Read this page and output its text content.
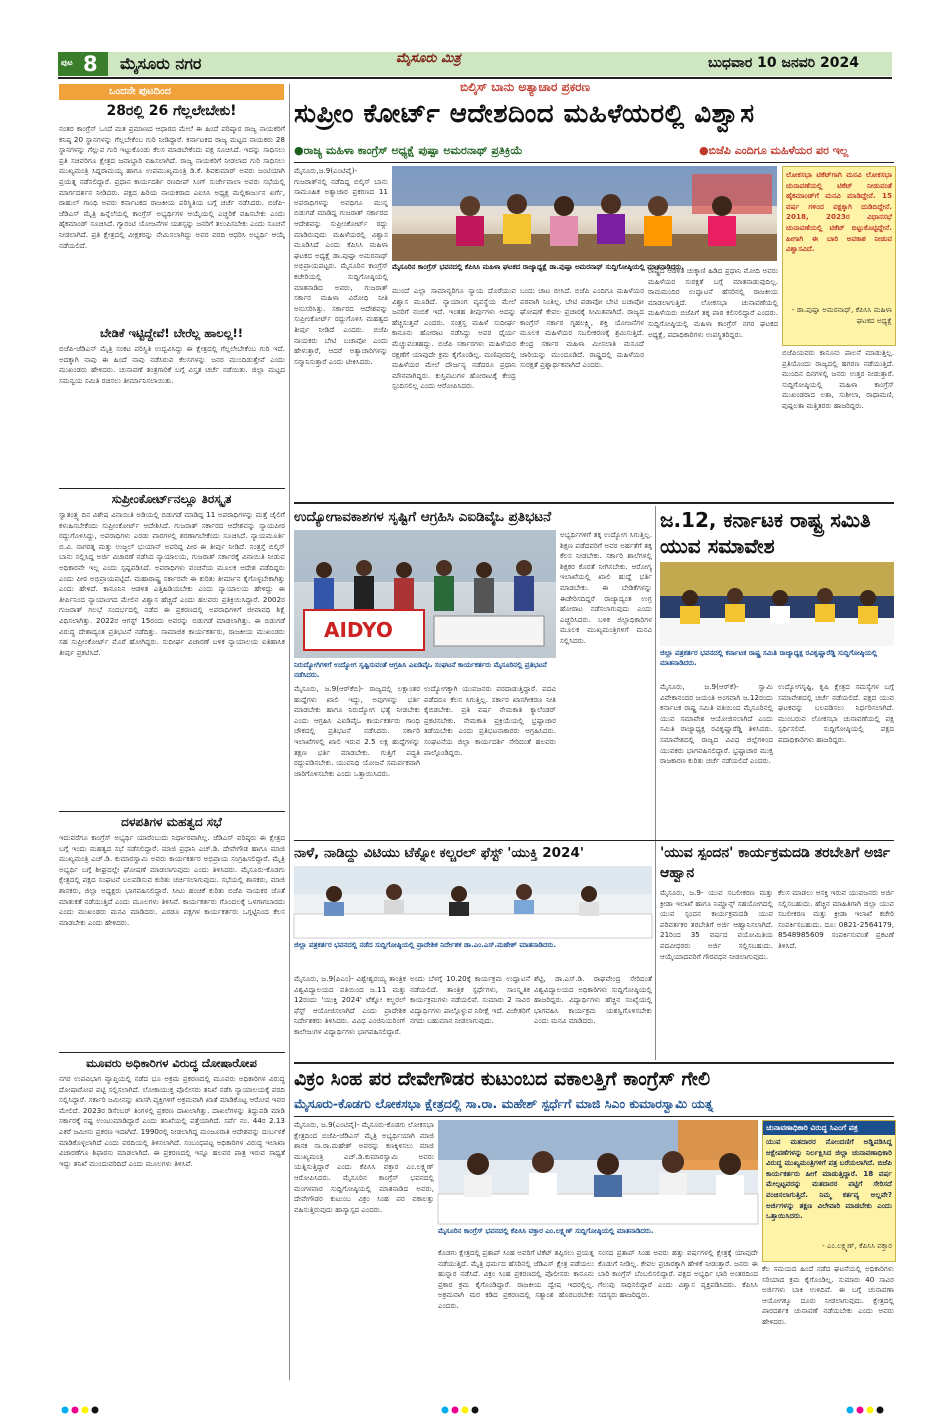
ಪುಟ 8 ಮೈಸೂರು ನಗರ	ಮೈಸೂರು ಮಿತ್ರ	ಬುಧವಾರ 10 ಜನವರಿ 2024
ಒಂದನೇ ಪುಟದಿಂದ
28ರಲ್ಲಿ 26 ಗೆಲ್ಲಲೇಬೇಕು!
ನಂತರ ಕಾಂಗ್ರೆಸ್ ಒಂದೆ ಮತ ಪ್ರಮಾಣದ ಆಧಾರದ ಮೇಲೆ ಈ ಹಿಂದೆ ಪರಿಷ್ಕಾರ ರಾಜ್ಯ ನಾಯಕರಿಗೆ ಕನಿಷ್ಠ 20 ಸ್ಥಾನಗಳನ್ನು ಗೆಲ್ಲಬೇಕೆಂಬ ಗುರಿ ನೀಡಿದ್ದಾರೆ. ಕರ್ನಾಟಕದ ರಾಜ್ಯ ಮಟ್ಟದ ನಾಯಕರು 28 ಸ್ಥಾನಗಳನ್ನು ಗೆಲ್ಲುವ ಗುರಿ ಇಟ್ಟುಕೊಂಡು ಕೆಲಸ ಮಾಡಬೇಕೆಂದು ಪಕ್ಷ ಸೂಚಿಸಿದೆ. ಇದನ್ನು ಸಾಧಿಸಲು ಪ್ರತಿ ಸಚಿವರಿಗೂ ಕ್ಷೇತ್ರದ ಜವಾಬ್ದಾರಿ ವಹಿಸಲಾಗಿದೆ. ರಾಜ್ಯ ನಾಯಕರಿಗೆ ನೀಡಲಾದ ಗುರಿ ಸಾಧಿಸಲು ಮುಖ್ಯಮಂತ್ರಿ ಸಿದ್ದರಾಮಯ್ಯ ಹಾಗೂ ಉಪಮುಖ್ಯಮಂತ್ರಿ ಡಿ.ಕೆ. ಶಿವಕುಮಾರ್ ಅವರು ಜಂಟಿಯಾಗಿ ಪ್ರಯತ್ನ ನಡೆಸಲಿದ್ದಾರೆ. ಪ್ರಧಾನ ಕಾರ್ಯದರ್ಶಿ ರಣದೀಪ್ ಸಿಂಗ್ ಸುರ್ಜೇವಾಲಾ ಅವರು ಸಭೆಯಲ್ಲಿ ಮಾರ್ಗದರ್ಶನ ನೀಡಿದರು. ಪಕ್ಷದ ಹಿರಿಯ ನಾಯಕರಾದ ಎಐಸಿಸಿ ಅಧ್ಯಕ್ಷ ಮಲ್ಲಿಕಾರ್ಜುನ ಖರ್ಗೆ, ರಾಹುಲ್ ಗಾಂಧಿ ಅವರು ಕರ್ನಾಟಕದ ರಾಜಕೀಯ ಪರಿಸ್ಥಿತಿಯ ಬಗ್ಗೆ ಚರ್ಚೆ ನಡೆಸಿದರು. ಬಿಜೆಪಿ-ಜೆಡಿಎಸ್ ಮೈತ್ರಿ ಹಿನ್ನೆಲೆಯಲ್ಲಿ ಕಾಂಗ್ರೆಸ್ ಅಭ್ಯರ್ಥಿಗಳ ಆಯ್ಕೆಯಲ್ಲಿ ಎಚ್ಚರಿಕೆ ವಹಿಸಬೇಕು ಎಂದು ಹೈಕಮಾಂಡ್ ಸೂಚಿಸಿದೆ. ಗ್ಯಾರಂಟಿ ಯೋಜನೆಗಳ ಯಶಸ್ಸನ್ನು ಜನರಿಗೆ ತಲುಪಿಸಬೇಕು ಎಂದು ಸೂಚನೆ ನೀಡಲಾಗಿದೆ. ಪ್ರತಿ ಕ್ಷೇತ್ರದಲ್ಲಿ ವೀಕ್ಷಕರನ್ನು ನೇಮಿಸಲಾಗಿದ್ದು ಅವರ ವರದಿ ಆಧರಿಸಿ ಅಭ್ಯರ್ಥಿ ಆಯ್ಕೆ ನಡೆಯಲಿದೆ.
ಬೇಡಿಕೆ ಇಟ್ಟಿದ್ದೇವೆ! ಬೇರೆಲ್ಲ ಹಾಲಲ್ಲ!!
ಬಿಜೆಪಿ-ಜೆಡಿಎಸ್ ಮೈತ್ರಿ ಸಂಕಟ ಪರಿಸ್ಥಿತಿ ಉದ್ಭವಿಸಿದ್ದು ಈ ಕ್ಷೇತ್ರದಲ್ಲಿ ಗೆಲ್ಲಲೇಬೇಕೆಂಬ ಗುರಿ ಇದೆ. ಅದಕ್ಕಾಗಿ ನಾವು ಈ ಹಿಂದೆ ನಾವು ನಡೆಸಿರುವ ಕೆಲಸಗಳನ್ನು ಜನರ ಮುಂದಿಡುತ್ತೇವೆ ಎಂದು ಮುಖಂಡರು ಹೇಳಿದರು. ಚುನಾವಣೆ ತಂತ್ರಗಾರಿಕೆ ಬಗ್ಗೆ ವಿಸ್ತೃತ ಚರ್ಚೆ ನಡೆಯಿತು. ಜಿಲ್ಲಾ ಮಟ್ಟದ ಸಮನ್ವಯ ಸಮಿತಿ ರಚಿಸಲು ತೀರ್ಮಾನಿಸಲಾಯಿತು.
ಸುಪ್ರೀಂಕೋರ್ಟ್‌ನಲ್ಲೂ ತಿರಸ್ಕೃತ
ಸ್ವಾತಂತ್ರ್ಯ ದಿನ ವಿಶೇಷ ವಿನಾಯಿತಿ ಅಡಿಯಲ್ಲಿ ಬಿಡುಗಡೆ ಮಾಡಿದ್ದ 11 ಅಪರಾಧಿಗಳನ್ನು ಮತ್ತೆ ಜೈಲಿಗೆ ಕಳುಹಿಸಬೇಕೆಂದು ಸುಪ್ರೀಂಕೋರ್ಟ್ ಆದೇಶಿಸಿದೆ. ಗುಜರಾತ್ ಸರ್ಕಾರದ ಆದೇಶವನ್ನು ನ್ಯಾಯಪೀಠ ರದ್ದುಗೊಳಿಸಿದ್ದು, ಅಪರಾಧಿಗಳು ಎರಡು ವಾರಗಳಲ್ಲಿ ಶರಣಾಗಬೇಕೆಂದು ಸೂಚಿಸಿದೆ. ನ್ಯಾಯಮೂರ್ತಿ ಬಿ.ವಿ. ನಾಗರತ್ನ ಮತ್ತು ಉಜ್ಜಲ್ ಭುಯಾನ್ ಅವರಿದ್ದ ಪೀಠ ಈ ತೀರ್ಪು ನೀಡಿದೆ. ಸಂತ್ರಸ್ತೆ ಬಿಲ್ಕಿಸ್ ಬಾನು ಸಲ್ಲಿಸಿದ್ದ ಅರ್ಜಿ ವಿಚಾರಣೆ ನಡೆಸಿದ ನ್ಯಾಯಾಲಯ, ಗುಜರಾತ್ ಸರ್ಕಾರಕ್ಕೆ ವಿನಾಯಿತಿ ನೀಡುವ ಅಧಿಕಾರವೇ ಇಲ್ಲ ಎಂದು ಸ್ಪಷ್ಟಪಡಿಸಿದೆ. ಅಪರಾಧಿಗಳು ವಂಚನೆಯ ಮೂಲಕ ಆದೇಶ ಪಡೆದಿದ್ದರು ಎಂದು ಪೀಠ ಅಭಿಪ್ರಾಯಪಟ್ಟಿದೆ. ಮಹಾರಾಷ್ಟ್ರ ಸರ್ಕಾರವೇ ಈ ಕುರಿತು ತೀರ್ಮಾನ ಕೈಗೊಳ್ಳಬೇಕಾಗಿತ್ತು ಎಂದು ಹೇಳಿದೆ. ಕಾನೂನಿನ ಆಡಳಿತ ಎತ್ತಿಹಿಡಿಯಬೇಕು ಎಂದು ನ್ಯಾಯಾಲಯ ಹೇಳಿದ್ದು ಈ ತೀರ್ಪಿನಿಂದ ನ್ಯಾಯಾಂಗದ ಮೇಲಿನ ವಿಶ್ವಾಸ ಹೆಚ್ಚಿದೆ ಎಂದು ಹಲವರು ಪ್ರತಿಕ್ರಿಯಿಸಿದ್ದಾರೆ. 2002ರ ಗುಜರಾತ್ ಗಲಭೆ ಸಂದರ್ಭದಲ್ಲಿ ನಡೆದ ಈ ಪ್ರಕರಣದಲ್ಲಿ ಅಪರಾಧಿಗಳಿಗೆ ಜೀವಾವಧಿ ಶಿಕ್ಷೆ ವಿಧಿಸಲಾಗಿತ್ತು. 2022ರ ಆಗಸ್ಟ್ 15ರಂದು ಅವರನ್ನು ಬಿಡುಗಡೆ ಮಾಡಲಾಗಿತ್ತು. ಈ ಬಿಡುಗಡೆ ವಿರುದ್ಧ ದೇಶಾದ್ಯಂತ ಪ್ರತಿಭಟನೆ ನಡೆದಿತ್ತು. ಸಾಮಾಜಿಕ ಕಾರ್ಯಕರ್ತರು, ರಾಜಕೀಯ ಮುಖಂಡರು ಸಹ ಸುಪ್ರೀಂಕೋರ್ಟ್ ಮೊರೆ ಹೋಗಿದ್ದರು. ಸುದೀರ್ಘ ವಿಚಾರಣೆ ಬಳಿಕ ನ್ಯಾಯಾಲಯ ಐತಿಹಾಸಿಕ ತೀರ್ಪು ಪ್ರಕಟಿಸಿದೆ.
ದಳಪತಿಗಳ ಮಹತ್ವದ ಸಭೆ
ಇದುವರೆಗೂ ಕಾಂಗ್ರೆಸ್ ಅಭ್ಯರ್ಥಿ ಯಾರೆಂಬುದು ನಿರ್ಧಾರವಾಗಿಲ್ಲ. ಜೆಡಿಎಸ್ ವರಿಷ್ಠರು ಈ ಕ್ಷೇತ್ರದ ಬಗ್ಗೆ ಇಂದು ಮಹತ್ವದ ಸಭೆ ನಡೆಸಲಿದ್ದಾರೆ. ಮಾಜಿ ಪ್ರಧಾನಿ ಎಚ್.ಡಿ. ದೇವೇಗೌಡ ಹಾಗೂ ಮಾಜಿ ಮುಖ್ಯಮಂತ್ರಿ ಎಚ್.ಡಿ. ಕುಮಾರಸ್ವಾಮಿ ಅವರು ಕಾರ್ಯಕರ್ತರ ಅಭಿಪ್ರಾಯ ಸಂಗ್ರಹಿಸಲಿದ್ದಾರೆ. ಮೈತ್ರಿ ಅಭ್ಯರ್ಥಿ ಬಗ್ಗೆ ಶೀಘ್ರದಲ್ಲೇ ಘೋಷಣೆ ಮಾಡಲಾಗುವುದು ಎಂದು ತಿಳಿಸಿದರು. ಮೈಸೂರು-ಕೊಡಗು ಕ್ಷೇತ್ರದಲ್ಲಿ ಪಕ್ಷದ ಸಂಘಟನೆ ಬಲಪಡಿಸುವ ಕುರಿತು ಚರ್ಚಿಸಲಾಗುವುದು. ಸಭೆಯಲ್ಲಿ ಶಾಸಕರು, ಮಾಜಿ ಶಾಸಕರು, ಜಿಲ್ಲಾ ಅಧ್ಯಕ್ಷರು ಭಾಗವಹಿಸಲಿದ್ದಾರೆ. ಸೀಟು ಹಂಚಿಕೆ ಕುರಿತು ಬಿಜೆಪಿ ನಾಯಕರ ಜೊತೆ ಮಾತುಕತೆ ನಡೆಯುತ್ತಿದೆ ಎಂದು ಮೂಲಗಳು ತಿಳಿಸಿವೆ. ಕಾರ್ಯಕರ್ತರು ಗೊಂದಲಕ್ಕೆ ಒಳಗಾಗಬಾರದು ಎಂದು ಮುಖಂಡರು ಮನವಿ ಮಾಡಿದರು. ಎರಡೂ ಪಕ್ಷಗಳ ಕಾರ್ಯಕರ್ತರು ಒಗ್ಗಟ್ಟಿನಿಂದ ಕೆಲಸ ಮಾಡಬೇಕು ಎಂದು ಹೇಳಿದರು.
ಮೂವರು ಅಧಿಕಾರಿಗಳ ವಿರುದ್ಧ ದೋಷಾರೋಪ
ನಗರ ಉಪವಿಭಾಗ ವ್ಯಾಪ್ತಿಯಲ್ಲಿ ನಡೆದ ಭೂ ಅಕ್ರಮ ಪ್ರಕರಣದಲ್ಲಿ ಮೂವರು ಅಧಿಕಾರಿಗಳ ವಿರುದ್ಧ ದೋಷಾರೋಪ ಪಟ್ಟಿ ಸಲ್ಲಿಸಲಾಗಿದೆ. ಲೋಕಾಯುಕ್ತ ಪೊಲೀಸರು ತನಿಖೆ ನಡೆಸಿ ನ್ಯಾಯಾಲಯಕ್ಕೆ ವರದಿ ಸಲ್ಲಿಸಿದ್ದಾರೆ. ಸರ್ಕಾರಿ ಜಮೀನನ್ನು ಖಾಸಗಿ ವ್ಯಕ್ತಿಗಳಿಗೆ ಅಕ್ರಮವಾಗಿ ಖಾತೆ ಮಾಡಿಕೊಟ್ಟ ಆರೋಪ ಇವರ ಮೇಲಿದೆ. 2023ರ ಡಿಸೆಂಬರ್ ತಿಂಗಳಲ್ಲಿ ಪ್ರಕರಣ ದಾಖಲಾಗಿತ್ತು. ದಾಖಲೆಗಳನ್ನು ತಿದ್ದುಪಡಿ ಮಾಡಿ ಸರ್ಕಾರಕ್ಕೆ ನಷ್ಟ ಉಂಟುಮಾಡಿದ್ದಾರೆ ಎಂದು ತನಿಖೆಯಲ್ಲಿ ಪತ್ತೆಯಾಗಿದೆ. ಸರ್ವೆ ನಂ. 44ರ 2.13 ಎಕರೆ ಜಮೀನು ಪ್ರಕರಣ ಇದಾಗಿದೆ. 1990ರಲ್ಲಿ ನೀಡಲಾಗಿದ್ದ ಮಂಜೂರಾತಿ ಆದೇಶವನ್ನು ದುರ್ಬಳಕೆ ಮಾಡಿಕೊಳ್ಳಲಾಗಿದೆ ಎಂದು ವರದಿಯಲ್ಲಿ ತಿಳಿಸಲಾಗಿದೆ. ಸಂಬಂಧಪಟ್ಟ ಅಧಿಕಾರಿಗಳ ವಿರುದ್ಧ ಇಲಾಖಾ ವಿಚಾರಣೆಗೂ ಶಿಫಾರಸು ಮಾಡಲಾಗಿದೆ. ಈ ಪ್ರಕರಣದಲ್ಲಿ ಇನ್ನೂ ಹಲವರ ಪಾತ್ರ ಇರುವ ಸಾಧ್ಯತೆ ಇದ್ದು ತನಿಖೆ ಮುಂದುವರಿದಿದೆ ಎಂದು ಮೂಲಗಳು ತಿಳಿಸಿವೆ.
ಬಿಲ್ಕಿಸ್ ಬಾನು ಅತ್ಯಾಚಾರ ಪ್ರಕರಣ
ಸುಪ್ರೀಂ ಕೋರ್ಟ್ ಆದೇಶದಿಂದ ಮಹಿಳೆಯರಲ್ಲಿ ವಿಶ್ವಾಸ
●ರಾಜ್ಯ ಮಹಿಳಾ ಕಾಂಗ್ರೆಸ್ ಅಧ್ಯಕ್ಷೆ ಪುಷ್ಪಾ ಅಮರನಾಥ್ ಪ್ರತಿಕ್ರಿಯೆ	●ಬಿಜೆಪಿ ಎಂದಿಗೂ ಮಹಿಳೆಯರ ಪರ ಇಲ್ಲ
ಮೈಸೂರು,ಜ.9(ಎಂಟಿವೈ)- ಗುಜರಾತ್‌ನಲ್ಲಿ ನಡೆದಿದ್ದ ಬಿಲ್ಕಿಸ್ ಬಾನು ಸಾಮೂಹಿಕ ಅತ್ಯಾಚಾರ ಪ್ರಕರಣದ 11 ಅಪರಾಧಿಗಳನ್ನು ಅವಧಿಗೂ ಮುನ್ನ ಬಿಡುಗಡೆ ಮಾಡಿದ್ದ ಗುಜರಾತ್ ಸರ್ಕಾರದ ಆದೇಶವನ್ನು ಸುಪ್ರೀಂಕೋರ್ಟ್ ರದ್ದು ಮಾಡಿರುವುದು ಮಹಿಳೆಯರಲ್ಲಿ ವಿಶ್ವಾಸ ಮೂಡಿಸಿದೆ ಎಂದು ಕೆಪಿಸಿಸಿ ಮಹಿಳಾ ಘಟಕದ ಅಧ್ಯಕ್ಷೆ ಡಾ.ಪುಷ್ಪಾ ಅಮರನಾಥ್ ಅಭಿಪ್ರಾಯಪಟ್ಟರು. ಮೈಸೂರಿನ ಕಾಂಗ್ರೆಸ್ ಕಚೇರಿಯಲ್ಲಿ ಸುದ್ದಿಗೋಷ್ಠಿಯಲ್ಲಿ ಮಾತನಾಡಿದ ಅವರು, ಗುಜರಾತ್ ಸರ್ಕಾರ ಮಹಿಳಾ ವಿರೋಧಿ ನೀತಿ ಅನುಸರಿಸಿತ್ತು. ಸರ್ಕಾರದ ಆದೇಶವನ್ನು ಸುಪ್ರೀಂಕೋರ್ಟ್ ರದ್ದುಗೊಳಿಸಿ ಮಹತ್ವದ ತೀರ್ಪು ನೀಡಿದೆ ಎಂದರು. ಬಿಜೆಪಿ ನಾಯಕರು ಬೇಟಿ ಬಚಾವೋ ಎಂದು ಹೇಳುತ್ತಾರೆ, ಆದರೆ ಅತ್ಯಾಚಾರಿಗಳನ್ನು ಸನ್ಮಾನಿಸುತ್ತಾರೆ ಎಂದು ಟೀಕಿಸಿದರು.
ಮೈಸೂರಿನ ಕಾಂಗ್ರೆಸ್ ಭವನದಲ್ಲಿ ಕೆಪಿಸಿಸಿ ಮಹಿಳಾ ಘಟಕದ ರಾಜ್ಯಾಧ್ಯಕ್ಷೆ ಡಾ.ಪುಷ್ಪಾ ಅಮರನಾಥ್ ಸುದ್ದಿಗೋಷ್ಠಿಯಲ್ಲಿ ಮಾತನಾಡಿದರು.
ಮುಂದೆ ಎಲ್ಲಾ ಸಾಮಾನ್ಯರಿಗೂ ನ್ಯಾಯ ದೊರೆಯುವ ವಿಶ್ವಾಸ ಮೂಡಿದೆ. ನ್ಯಾಯಾಂಗ ವ್ಯವಸ್ಥೆಯ ಮೇಲೆ ಜನರಿಗೆ ನಂಬಿಕೆ ಇದೆ. ಇಂತಹ ತೀರ್ಪುಗಳು ಅದನ್ನು ಹೆಚ್ಚಿಸುತ್ತವೆ ಎಂದರು. ಸಂತ್ರಸ್ತ ಮಹಿಳೆ ಸುದೀರ್ಘ ಕಾನೂನು ಹೋರಾಟ ನಡೆಸಿದ್ದು ಅವರ ಧೈರ್ಯ ಮೆಚ್ಚುವಂತಹದ್ದು. ಬಿಜೆಪಿ ಸರ್ಕಾರಗಳು ಮಹಿಳೆಯರ ರಕ್ಷಣೆಗೆ ಯಾವುದೇ ಕ್ರಮ ಕೈಗೊಂಡಿಲ್ಲ. ಮಣಿಪುರದಲ್ಲಿ ಮಹಿಳೆಯರ ಮೇಲೆ ದೌರ್ಜನ್ಯ ನಡೆದರೂ ಪ್ರಧಾನಿ ಮೌನವಾಗಿದ್ದರು. ಕುಸ್ತಿಪಟುಗಳ ಹೋರಾಟಕ್ಕೆ ಕೇಂದ್ರ ಸ್ಪಂದಿಸಲಿಲ್ಲ ಎಂದು ಆರೋಪಿಸಿದರು.
ಬಂದು ಚಾಟ ಬೀಸಿದೆ. ಬಿಜೆಪಿ ಎಂದಿಗೂ ಮಹಿಳೆಯರ ಪರವಾಗಿ ನಿಂತಿಲ್ಲ. ಬೇಟಿ ಪಡಾವೋ ಬೇಟಿ ಬಚಾವೋ ಘೋಷಣೆ ಕೇವಲ ಪ್ರಚಾರಕ್ಕೆ ಸೀಮಿತವಾಗಿದೆ. ರಾಜ್ಯದ ಕಾಂಗ್ರೆಸ್ ಸರ್ಕಾರ ಗೃಹಲಕ್ಷ್ಮಿ, ಶಕ್ತಿ ಯೋಜನೆಗಳ ಮೂಲಕ ಮಹಿಳೆಯರ ಸಬಲೀಕರಣಕ್ಕೆ ಶ್ರಮಿಸುತ್ತಿದೆ. ಕೇಂದ್ರ ಸರ್ಕಾರ ಮಹಿಳಾ ಮೀಸಲಾತಿ ಮಸೂದೆ ಜಾರಿಯನ್ನು ಮುಂದೂಡಿದೆ. ರಾಷ್ಟ್ರದಲ್ಲಿ ಮಹಿಳೆಯರ ಸುರಕ್ಷತೆ ಪ್ರಶ್ನಾರ್ಥಕವಾಗಿದೆ ಎಂದರು.
ರಾಷ್ಟ್ರದ ಆಡಳಿತ ಚುಕ್ಕಾಣಿ ಹಿಡಿದ ಪ್ರಧಾನಿ ಮೋದಿ ಅವರು ಮಹಿಳೆಯರ ಸುರಕ್ಷತೆ ಬಗ್ಗೆ ಮಾತನಾಡುವುದಿಲ್ಲ. ರಾಮಮಂದಿರ ಉದ್ಘಾಟನೆ ಹೆಸರಿನಲ್ಲಿ ರಾಜಕೀಯ ಮಾಡಲಾಗುತ್ತಿದೆ. ಲೋಕಸಭಾ ಚುನಾವಣೆಯಲ್ಲಿ ಮಹಿಳೆಯರು ಬಿಜೆಪಿಗೆ ತಕ್ಕ ಪಾಠ ಕಲಿಸಲಿದ್ದಾರೆ ಎಂದರು. ಸುದ್ದಿಗೋಷ್ಠಿಯಲ್ಲಿ ಮಹಿಳಾ ಕಾಂಗ್ರೆಸ್ ನಗರ ಘಟಕದ ಅಧ್ಯಕ್ಷೆ, ಪದಾಧಿಕಾರಿಗಳು ಉಪಸ್ಥಿತರಿದ್ದರು.
ಲೋಕಸಭಾ ಟಿಕೆಟ್‌ಗಾಗಿ ಮನವಿ ಲೋಕಸಭಾ ಚುನಾವಣೆಯಲ್ಲಿ ಟಿಕೆಟ್ ನೀಡುವಂತೆ ಹೈಕಮಾಂಡ್‌ಗೆ ಮನವಿ ಮಾಡಿದ್ದೇನೆ. 15 ವರ್ಷ ಗಳಿಂದ ಪಕ್ಷಕ್ಕಾಗಿ ದುಡಿದಿದ್ದೇನೆ. 2018, 2023ರ ವಿಧಾನಸಭೆ ಚುನಾವಣೆಯಲ್ಲಿ ಟಿಕೆಟ್ ಬಿಟ್ಟುಕೊಟ್ಟಿದ್ದೇನೆ. ಹೀಗಾಗಿ ಈ ಬಾರಿ ಅವಕಾಶ ನೀಡುವ ವಿಶ್ವಾಸವಿದೆ.
- ಡಾ.ಪುಷ್ಪಾ ಅಮರನಾಥ್, ಕೆಪಿಸಿಸಿ ಮಹಿಳಾ ಘಟಕದ ಅಧ್ಯಕ್ಷೆ
ಬಿಜೆಪಿಯವರು ಕಾನೂನು ಪಾಲನೆ ಮಾಡುತ್ತಿಲ್ಲ. ಪ್ರತಿಯೊಂದು ರಾಜ್ಯದಲ್ಲಿ ಹಗರಣ ನಡೆಯುತ್ತಿದೆ. ಮುಂದಿನ ದಿನಗಳಲ್ಲಿ ಜನರು ಉತ್ತರ ನೀಡುತ್ತಾರೆ. ಸುದ್ದಿಗೋಷ್ಠಿಯಲ್ಲಿ ಮಹಿಳಾ ಕಾಂಗ್ರೆಸ್ ಮುಖಂಡರಾದ ಲತಾ, ಸುಶೀಲಾ, ರಾಧಾಮಣಿ, ಪುಷ್ಪಲತಾ ಮತ್ತಿತರರು ಹಾಜರಿದ್ದರು.
ಉದ್ಯೋಗಾವಕಾಶಗಳ ಸೃಷ್ಟಿಗೆ ಆಗ್ರಹಿಸಿ ಎಐಡಿವೈಒ ಪ್ರತಿಭಟನೆ
AIDYO
ನಿರುದ್ಯೋಗಿಗಳಿಗೆ ಉದ್ಯೋಗ ಸೃಷ್ಟಿಸುವಂತೆ ಆಗ್ರಹಿಸಿ ಎಐಡಿವೈಒ ಸಂಘಟನೆ ಕಾರ್ಯಕರ್ತರು ಮೈಸೂರಿನಲ್ಲಿ ಪ್ರತಿಭಟನೆ ನಡೆಸಿದರು.
ಮೈಸೂರು, ಜ.9(ಆರ್‌ಕೆಬಿ)- ರಾಜ್ಯದಲ್ಲಿ ಲಕ್ಷಾಂತರ ಹುದ್ದೆಗಳು ಖಾಲಿ ಇದ್ದು, ಅವುಗಳನ್ನು ಭರ್ತಿ ಮಾಡಬೇಕು ಹಾಗೂ ನಿರುದ್ಯೋಗ ಭತ್ಯೆ ನೀಡಬೇಕು ಎಂದು ಆಗ್ರಹಿಸಿ ಎಐಡಿವೈಒ ಕಾರ್ಯಕರ್ತರು ಗಾಂಧಿ ಚೌಕದಲ್ಲಿ ಪ್ರತಿಭಟನೆ ನಡೆಸಿದರು. ಸರ್ಕಾರಿ ಇಲಾಖೆಗಳಲ್ಲಿ ಖಾಲಿ ಇರುವ 2.5 ಲಕ್ಷ ಹುದ್ದೆಗಳನ್ನು ತಕ್ಷಣ ಭರ್ತಿ ಮಾಡಬೇಕು. ಗುತ್ತಿಗೆ ಪದ್ಧತಿ ರದ್ದುಪಡಿಸಬೇಕು. ಯುವನಿಧಿ ಯೋಜನೆ ಸಮರ್ಪಕವಾಗಿ ಜಾರಿಗೊಳಿಸಬೇಕು ಎಂದು ಒತ್ತಾಯಿಸಿದರು.
ಉದ್ಯೋಗಕ್ಕಾಗಿ ಯುವಜನರು ಪರದಾಡುತ್ತಿದ್ದಾರೆ. ಪದವಿ ಪಡೆದರೂ ಕೆಲಸ ಸಿಗುತ್ತಿಲ್ಲ. ಸರ್ಕಾರ ಖಾಸಗೀಕರಣ ನೀತಿ ಕೈಬಿಡಬೇಕು. ಪ್ರತಿ ವರ್ಷ ನೇಮಕಾತಿ ಕ್ಯಾಲೆಂಡರ್ ಪ್ರಕಟಿಸಬೇಕು. ನೇಮಕಾತಿ ಪ್ರಕ್ರಿಯೆಯಲ್ಲಿ ಭ್ರಷ್ಟಾಚಾರ ತಡೆಯಬೇಕು ಎಂದು ಪ್ರತಿಭಟನಾಕಾರರು ಆಗ್ರಹಿಸಿದರು. ಸಂಘಟನೆಯ ಜಿಲ್ಲಾ ಕಾರ್ಯದರ್ಶಿ ಸೇರಿದಂತೆ ಹಲವರು ಪಾಲ್ಗೊಂಡಿದ್ದರು.
ಅಭ್ಯರ್ಥಿಗಳಿಗೆ ತಕ್ಕ ಉದ್ಯೋಗ ಸಿಗುತ್ತಿಲ್ಲ. ಶಿಕ್ಷಣ ಪಡೆದವರಿಗೆ ಅವರ ಅರ್ಹತೆಗೆ ತಕ್ಕ ಕೆಲಸ ನೀಡಬೇಕು. ಸರ್ಕಾರಿ ಶಾಲೆಗಳಲ್ಲಿ ಶಿಕ್ಷಕರ ಕೊರತೆ ನೀಗಿಸಬೇಕು. ಆರೋಗ್ಯ ಇಲಾಖೆಯಲ್ಲಿ ಖಾಲಿ ಹುದ್ದೆ ಭರ್ತಿ ಮಾಡಬೇಕು. ಈ ಬೇಡಿಕೆಗಳನ್ನು ಈಡೇರಿಸದಿದ್ದರೆ ರಾಜ್ಯಾದ್ಯಂತ ಉಗ್ರ ಹೋರಾಟ ನಡೆಸಲಾಗುವುದು ಎಂದು ಎಚ್ಚರಿಸಿದರು. ಬಳಿಕ ಜಿಲ್ಲಾಧಿಕಾರಿಗಳ ಮೂಲಕ ಮುಖ್ಯಮಂತ್ರಿಗಳಿಗೆ ಮನವಿ ಸಲ್ಲಿಸಿದರು.
ಜ.12, ಕರ್ನಾಟಕ ರಾಷ್ಟ್ರ ಸಮಿತಿ ಯುವ ಸಮಾವೇಶ
ಜಿಲ್ಲಾ ಪತ್ರಕರ್ತರ ಭವನದಲ್ಲಿ ಕರ್ನಾಟಕ ರಾಷ್ಟ್ರ ಸಮಿತಿ ರಾಜ್ಯಾಧ್ಯಕ್ಷ ರವಿಕೃಷ್ಣಾರೆಡ್ಡಿ ಸುದ್ದಿಗೋಷ್ಠಿಯಲ್ಲಿ ಮಾತನಾಡಿದರು.
ಮೈಸೂರು, ಜ.9(ಆರ್‌ಕೆ)- ಸ್ವಾಮಿ ವಿವೇಕಾನಂದರ ಜಯಂತಿ ಅಂಗವಾಗಿ ಜ.12ರಂದು ಕರ್ನಾಟಕ ರಾಷ್ಟ್ರ ಸಮಿತಿ ವತಿಯಿಂದ ಮೈಸೂರಿನಲ್ಲಿ ಯುವ ಸಮಾವೇಶ ಆಯೋಜಿಸಲಾಗಿದೆ ಎಂದು ಸಮಿತಿ ರಾಜ್ಯಾಧ್ಯಕ್ಷ ರವಿಕೃಷ್ಣಾರೆಡ್ಡಿ ತಿಳಿಸಿದರು. ಸಮಾವೇಶದಲ್ಲಿ ರಾಜ್ಯದ ವಿವಿಧ ಜಿಲ್ಲೆಗಳಿಂದ ಯುವಕರು ಭಾಗವಹಿಸಲಿದ್ದಾರೆ. ಭ್ರಷ್ಟಾಚಾರ ಮುಕ್ತ ರಾಜಕಾರಣ ಕುರಿತು ಚರ್ಚೆ ನಡೆಯಲಿದೆ ಎಂದರು.
ಉದ್ಯೋಗಸೃಷ್ಟಿ, ಕೃಷಿ ಕ್ಷೇತ್ರದ ಸಮಸ್ಯೆಗಳ ಬಗ್ಗೆ ಸಮಾವೇಶದಲ್ಲಿ ಚರ್ಚೆ ನಡೆಯಲಿದೆ. ಪಕ್ಷದ ಯುವ ಘಟಕವನ್ನು ಬಲಪಡಿಸಲು ನಿರ್ಧರಿಸಲಾಗಿದೆ. ಮುಂಬರುವ ಲೋಕಸಭಾ ಚುನಾವಣೆಯಲ್ಲಿ ಪಕ್ಷ ಸ್ಪರ್ಧಿಸಲಿದೆ. ಸುದ್ದಿಗೋಷ್ಠಿಯಲ್ಲಿ ಪಕ್ಷದ ಪದಾಧಿಕಾರಿಗಳು ಹಾಜರಿದ್ದರು.
ನಾಳೆ, ನಾಡಿದ್ದು ವಿಟಿಯು ಟೆಕ್ನೋ ಕಲ್ಚರಲ್ ಫೆಸ್ಟ್ 'ಯುಕ್ತಿ 2024'
ಜಿಲ್ಲಾ ಪತ್ರಕರ್ತರ ಭವನದಲ್ಲಿ ನಡೆದ ಸುದ್ದಿಗೋಷ್ಠಿಯಲ್ಲಿ ಪ್ರಾದೇಶಿಕ ನಿರ್ದೇಶಕ ಡಾ.ಎಂ.ಎಸ್.ಮಹೇಶ್ ಮಾತನಾಡಿದರು.
ಮೈಸೂರು, ಜ.9(ಪಿಎಂ)- ವಿಶ್ವೇಶ್ವರಯ್ಯ ತಾಂತ್ರಿಕ ವಿಶ್ವವಿದ್ಯಾಲಯದ ವತಿಯಿಂದ ಜ.11 ಮತ್ತು 12ರಂದು 'ಯುಕ್ತಿ 2024' ಟೆಕ್ನೋ ಕಲ್ಚರಲ್ ಫೆಸ್ಟ್ ಆಯೋಜಿಸಲಾಗಿದೆ ಎಂದು ಪ್ರಾದೇಶಿಕ ನಿರ್ದೇಶಕರು ತಿಳಿಸಿದರು. ವಿವಿಧ ಎಂಜಿನಿಯರಿಂಗ್ ಕಾಲೇಜುಗಳ ವಿದ್ಯಾರ್ಥಿಗಳು ಭಾಗವಹಿಸಲಿದ್ದಾರೆ.
ಅಂದು ಬೆಳಗ್ಗೆ 10.20ಕ್ಕೆ ಕಾರ್ಯಕ್ರಮ ಉದ್ಘಾಟನೆ ನಡೆಯಲಿದೆ. ತಾಂತ್ರಿಕ ಸ್ಪರ್ಧೆಗಳು, ಸಾಂಸ್ಕೃತಿಕ ಕಾರ್ಯಕ್ರಮಗಳು ನಡೆಯಲಿವೆ. ಸುಮಾರು 2 ಸಾವಿರ ವಿದ್ಯಾರ್ಥಿಗಳು ಪಾಲ್ಗೊಳ್ಳುವ ನಿರೀಕ್ಷೆ ಇದೆ. ವಿಜೇತರಿಗೆ ನಗದು ಬಹುಮಾನ ನೀಡಲಾಗುವುದು.
ಶೆಟ್ಟಿ, ಡಾ.ಎಸ್.ಡಿ. ರಾಘವೇಂದ್ರ ಸೇರಿದಂತೆ ವಿಶ್ವವಿದ್ಯಾಲಯದ ಅಧಿಕಾರಿಗಳು ಸುದ್ದಿಗೋಷ್ಠಿಯಲ್ಲಿ ಹಾಜರಿದ್ದರು. ವಿದ್ಯಾರ್ಥಿಗಳು ಹೆಚ್ಚಿನ ಸಂಖ್ಯೆಯಲ್ಲಿ ಭಾಗವಹಿಸಿ ಕಾರ್ಯಕ್ರಮ ಯಶಸ್ವಿಗೊಳಿಸಬೇಕು ಎಂದು ಮನವಿ ಮಾಡಿದರು.
'ಯುವ ಸ್ಪಂದನ' ಕಾರ್ಯಕ್ರಮದಡಿ ತರಬೇತಿಗೆ ಅರ್ಜಿ ಆಹ್ವಾನ
ಮೈಸೂರು, ಜ.9- ಯುವ ಸಬಲೀಕರಣ ಮತ್ತು ಕ್ರೀಡಾ ಇಲಾಖೆ ಹಾಗೂ ನಿಮ್ಹಾನ್ಸ್ ಸಹಯೋಗದಲ್ಲಿ ಯುವ ಸ್ಪಂದನ ಕಾರ್ಯಕ್ರಮದಡಿ ಯುವ ಪರಿವರ್ತಕರ ತರಬೇತಿಗೆ ಅರ್ಜಿ ಆಹ್ವಾನಿಸಲಾಗಿದೆ. 21ರಿಂದ 35 ವರ್ಷದ ವಯೋಮಿತಿಯ ಪದವೀಧರರು ಅರ್ಜಿ ಸಲ್ಲಿಸಬಹುದು. ಆಯ್ಕೆಯಾದವರಿಗೆ ಗೌರವಧನ ನೀಡಲಾಗುವುದು.
ಕೆಲಸ ಮಾಡಲು ಆಸಕ್ತಿ ಇರುವ ಯುವಜನರು ಅರ್ಜಿ ಸಲ್ಲಿಸಬಹುದು. ಹೆಚ್ಚಿನ ಮಾಹಿತಿಗಾಗಿ ಜಿಲ್ಲಾ ಯುವ ಸಬಲೀಕರಣ ಮತ್ತು ಕ್ರೀಡಾ ಇಲಾಖೆ ಕಚೇರಿ ಸಂಪರ್ಕಿಸಬಹುದು. ದೂ: 0821-2564179, 8548985609 ಸಂಪರ್ಕಿಸುವಂತೆ ಪ್ರಕಟಣೆ ತಿಳಿಸಿದೆ.
ವಿಕ್ರಂ ಸಿಂಹ ಪರ ದೇವೇಗೌಡರ ಕುಟುಂಬದ ವಕಾಲತ್ತಿಗೆ ಕಾಂಗ್ರೆಸ್ ಗೇಲಿ
ಮೈಸೂರು-ಕೊಡಗು ಲೋಕಸಭಾ ಕ್ಷೇತ್ರದಲ್ಲಿ ಸಾ.ರಾ. ಮಹೇಶ್ ಸ್ಪರ್ಧೆಗೆ ಮಾಜಿ ಸಿಎಂ ಕುಮಾರಸ್ವಾಮಿ ಯತ್ನ
ಮೈಸೂರು, ಜ.9(ಎಂಟಿವೈ)- ಮೈಸೂರು-ಕೊಡಗು ಲೋಕಸಭಾ ಕ್ಷೇತ್ರದಿಂದ ಬಿಜೆಪಿ-ಜೆಡಿಎಸ್ ಮೈತ್ರಿ ಅಭ್ಯರ್ಥಿಯಾಗಿ ಮಾಜಿ ಶಾಸಕ ಸಾ.ರಾ.ಮಹೇಶ್ ಅವರನ್ನು ಕಣಕ್ಕಿಳಿಸಲು ಮಾಜಿ ಮುಖ್ಯಮಂತ್ರಿ ಎಚ್.ಡಿ.ಕುಮಾರಸ್ವಾಮಿ ಅವರು ಯತ್ನಿಸುತ್ತಿದ್ದಾರೆ ಎಂದು ಕೆಪಿಸಿಸಿ ವಕ್ತಾರ ಎಂ.ಲಕ್ಷ್ಮಣ್ ಆರೋಪಿಸಿದರು. ಮೈಸೂರಿನ ಕಾಂಗ್ರೆಸ್ ಭವನದಲ್ಲಿ ಮಂಗಳವಾರ ಸುದ್ದಿಗೋಷ್ಠಿಯಲ್ಲಿ ಮಾತನಾಡಿದ ಅವರು, ದೇವೇಗೌಡರ ಕುಟುಂಬ ವಿಕ್ರಂ ಸಿಂಹ ಪರ ವಕಾಲತ್ತು ವಹಿಸುತ್ತಿರುವುದು ಹಾಸ್ಯಾಸ್ಪದ ಎಂದರು.
ಮೈಸೂರಿನ ಕಾಂಗ್ರೆಸ್ ಭವನದಲ್ಲಿ ಕೆಪಿಸಿಸಿ ವಕ್ತಾರ ಎಂ.ಲಕ್ಷ್ಮಣ್ ಸುದ್ದಿಗೋಷ್ಠಿಯಲ್ಲಿ ಮಾತನಾಡಿದರು.
ಕೊಡಗು ಕ್ಷೇತ್ರದಲ್ಲಿ ಪ್ರತಾಪ್ ಸಿಂಹ ಅವರಿಗೆ ಟಿಕೆಟ್ ತಪ್ಪಿಸಲು ಪ್ರಯತ್ನ ನಡೆಯುತ್ತಿದೆ. ಮೈತ್ರಿ ಧರ್ಮದ ಹೆಸರಿನಲ್ಲಿ ಜೆಡಿಎಸ್ ಕ್ಷೇತ್ರ ಪಡೆಯಲು ಹುನ್ನಾರ ನಡೆಸಿದೆ. ವಿಕ್ರಂ ಸಿಂಹ ಪ್ರಕರಣದಲ್ಲಿ ಪೊಲೀಸರು ಕಾನೂನು ಪ್ರಕಾರ ಕ್ರಮ ಕೈಗೊಂಡಿದ್ದಾರೆ. ರಾಜಕೀಯ ದ್ವೇಷ ಇದರಲ್ಲಿಲ್ಲ. ಅಕ್ರಮವಾಗಿ ಮರ ಕಡಿದ ಪ್ರಕರಣದಲ್ಲಿ ಸತ್ಯಾಂಶ ಹೊರಬರಬೇಕು ಎಂದರು.
ಸಂಸದ ಪ್ರತಾಪ್ ಸಿಂಹ ಅವರು ಹತ್ತು ವರ್ಷಗಳಲ್ಲಿ ಕ್ಷೇತ್ರಕ್ಕೆ ಯಾವುದೇ ಕೊಡುಗೆ ನೀಡಿಲ್ಲ. ಕೇವಲ ಪ್ರಚಾರಕ್ಕಾಗಿ ಹೇಳಿಕೆ ನೀಡುತ್ತಾರೆ. ಜನರು ಈ ಬಾರಿ ಕಾಂಗ್ರೆಸ್ ಬೆಂಬಲಿಸಲಿದ್ದಾರೆ. ಪಕ್ಷದ ಅಭ್ಯರ್ಥಿ ಭಾರಿ ಅಂತರದಿಂದ ಗೆಲುವು ಸಾಧಿಸಲಿದ್ದಾರೆ ಎಂದು ವಿಶ್ವಾಸ ವ್ಯಕ್ತಪಡಿಸಿದರು. ಕೆಪಿಸಿಸಿ ಸದಸ್ಯರು ಹಾಜರಿದ್ದರು.
ಚುನಾವಣಾಧಿಕಾರಿ ವಿರುದ್ಧ ಸಿಎಂಗೆ ಪತ್ರ
ಯುವ ಮತದಾರರ ನೋಂದಣಿಗೆ ಅಡ್ಡಿಪಡಿಸಿದ್ದ ಆಕ್ಷೇಪಣೆಗಳನ್ನು ನಿರ್ಲಕ್ಷಿಸಿದ ಜಿಲ್ಲಾ ಚುನಾವಣಾಧಿಕಾರಿ ವಿರುದ್ಧ ಮುಖ್ಯಮಂತ್ರಿಗಳಿಗೆ ಪತ್ರ ಬರೆಯಲಾಗಿದೆ. ಬಿಜೆಪಿ ಕಾರ್ಯಕರ್ತರು ಹೀಗೆ ಮಾಡುತ್ತಿದ್ದಾರೆ. 18 ವರ್ಷ ಮೇಲ್ಪಟ್ಟವರನ್ನು ಮತದಾರರ ಪಟ್ಟಿಗೆ ಸೇರಿಸದೆ ವಂಚಿಸಲಾಗುತ್ತಿದೆ. ನಿಮ್ಮ ಕರ್ತವ್ಯ ಅಲ್ಲವೇ? ಅರ್ಜಿಗಳನ್ನು ತಕ್ಷಣ ವಿಲೇವಾರಿ ಮಾಡಬೇಕು ಎಂದು ಒತ್ತಾಯಿಸಿದರು.
- ಎಂ.ಲಕ್ಷ್ಮಣ್, ಕೆಪಿಸಿಸಿ ವಕ್ತಾರ
ಕೆಲ ಸಮಯದ ಹಿಂದೆ ನಡೆದ ಘಟನೆಯಲ್ಲಿ ಅಧಿಕಾರಿಗಳು ಸರಿಯಾದ ಕ್ರಮ ಕೈಗೊಂಡಿಲ್ಲ. ಸುಮಾರು 40 ಸಾವಿರ ಅರ್ಜಿಗಳು ಬಾಕಿ ಉಳಿದಿವೆ. ಈ ಬಗ್ಗೆ ಚುನಾವಣಾ ಆಯೋಗಕ್ಕೂ ದೂರು ನೀಡಲಾಗುವುದು. ಕ್ಷೇತ್ರದಲ್ಲಿ ಪಾರದರ್ಶಕ ಚುನಾವಣೆ ನಡೆಯಬೇಕು ಎಂದು ಅವರು ಹೇಳಿದರು.
